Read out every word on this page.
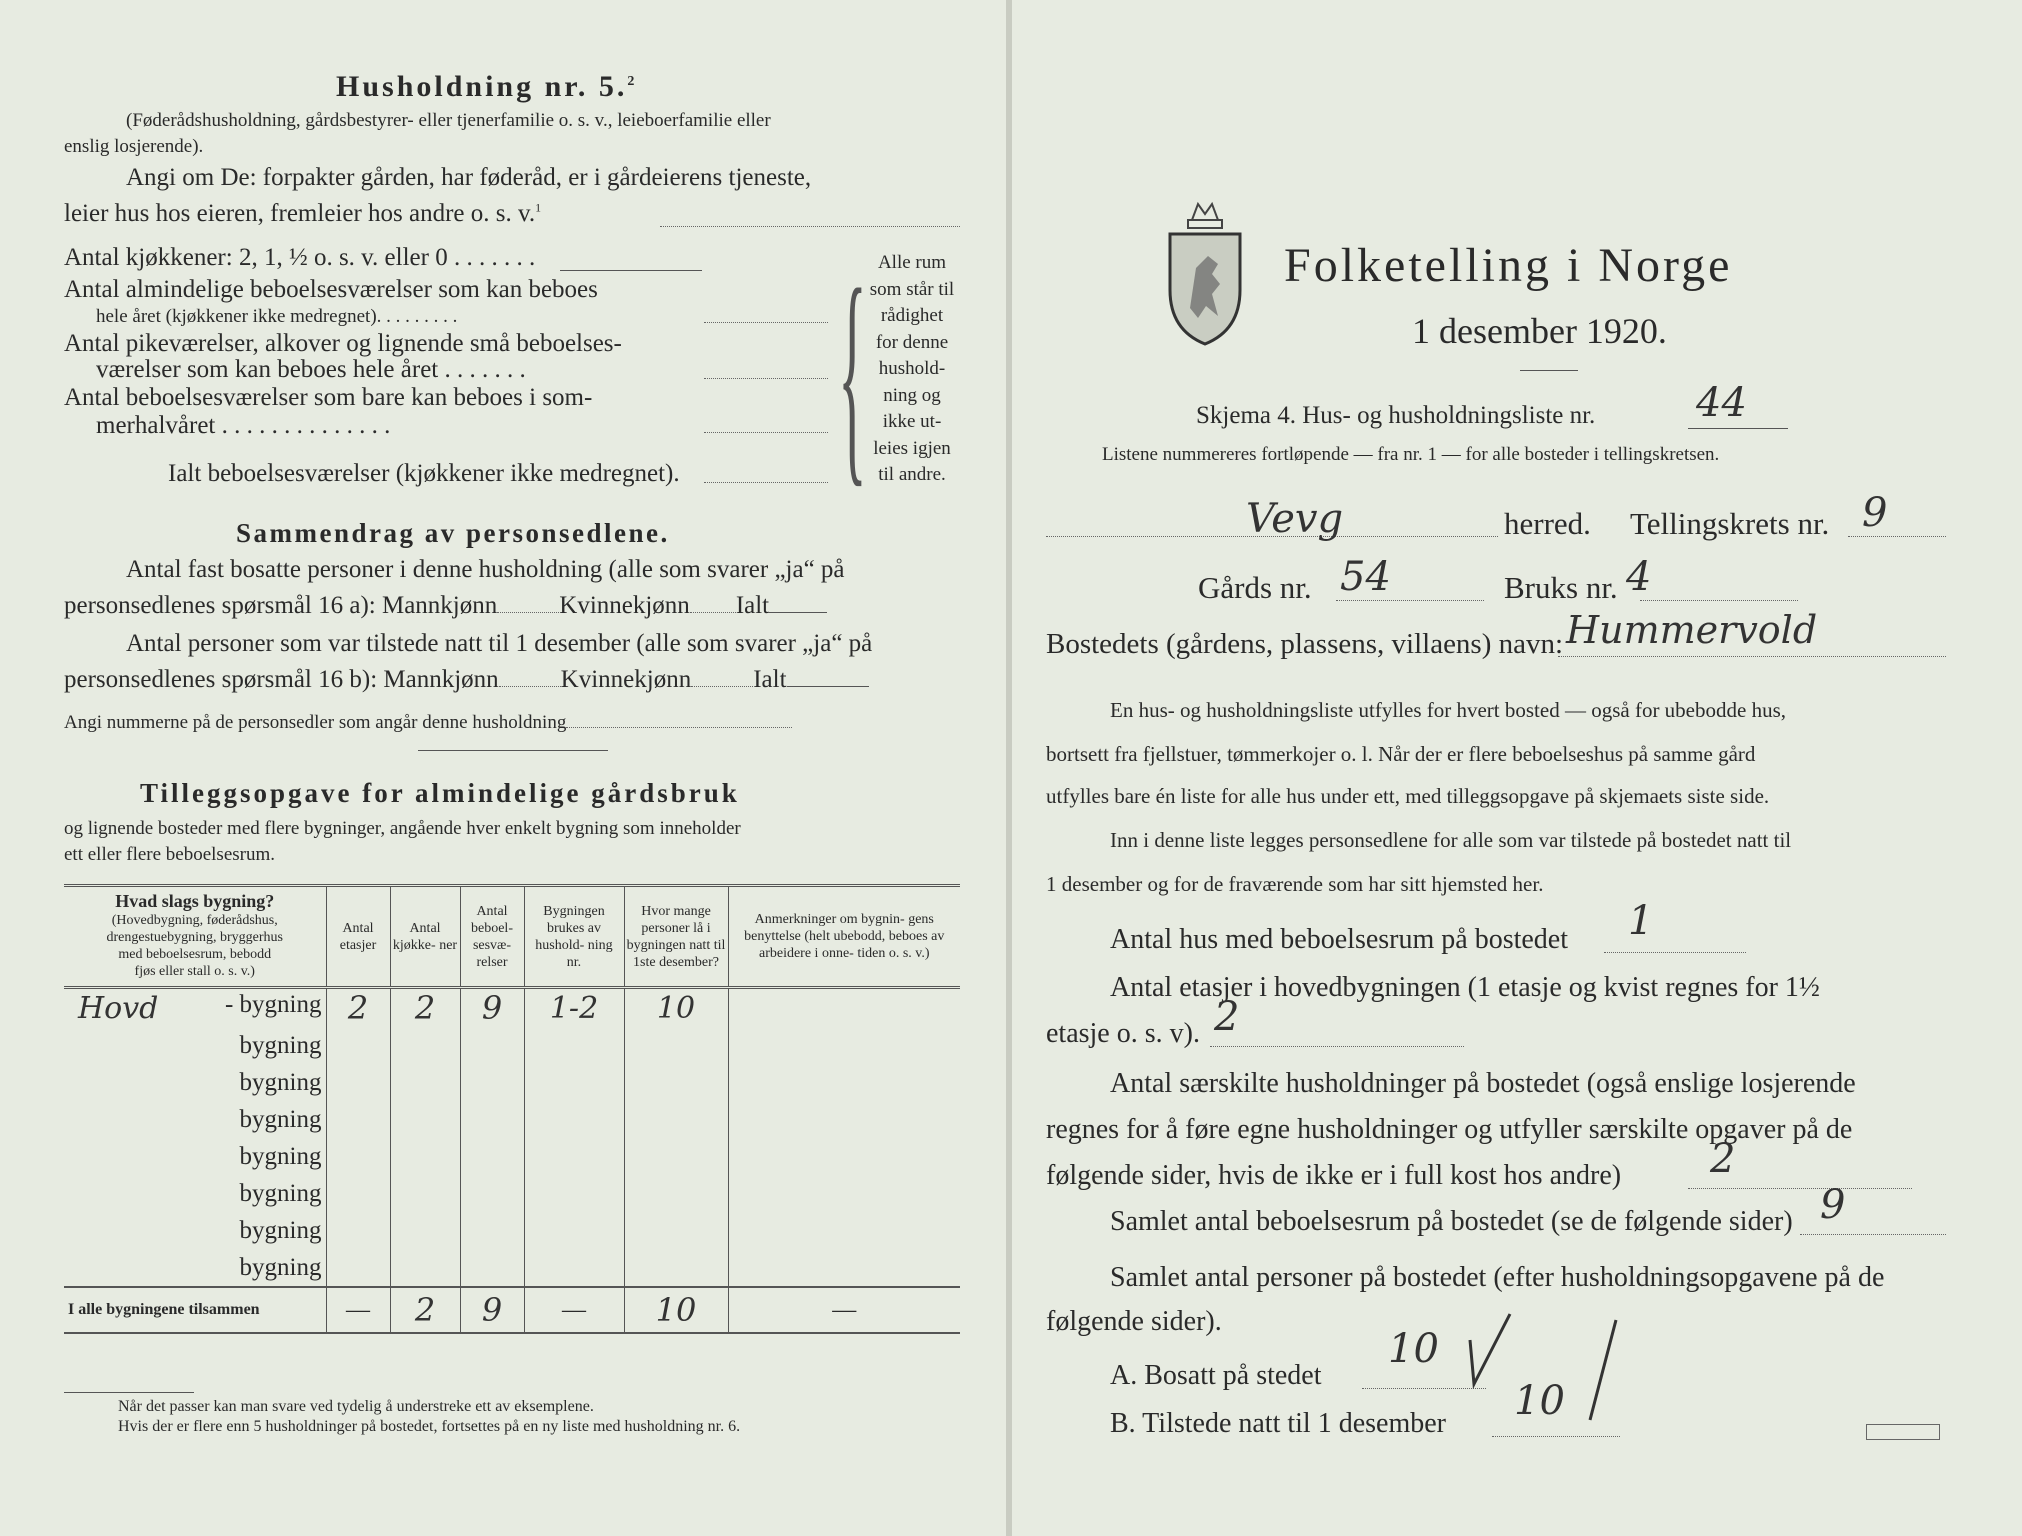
Husholdning nr. 5.$^2$
(Føderådshusholdning, gårdsbestyrer- eller tjenerfamilie o. s. v., leieboerfamilie eller
enslig losjerende).
Angi om De: forpakter gården, har føderåd, er i gårdeierens tjeneste,
leier hus hos eieren, fremleier hos andre o. s. v.$^1$
Antal kjøkkener: 2, 1, ½ o. s. v. eller 0 . . . . . . .
Antal almindelige beboelsesværelser som kan beboes
hele året (kjøkkener ikke medregnet). . . . . . . . .
Antal pikeværelser, alkover og lignende små beboelses-
værelser som kan beboes hele året . . . . . . .
Antal beboelsesværelser som bare kan beboes i som-
merhalvåret . . . . . . . . . . . . . .
Ialt beboelsesværelser (kjøkkener ikke medregnet).	{ Alle rum
som står til
rådighet
for denne
hushold-
ning og
ikke ut-
leies igjen
til andre.
Sammendrag av personsedlene.
Antal fast bosatte personer i denne husholdning (alle som svarer „ja“ på
personsedlenes spørsmål 16 a): Mannkjønn Kvinnekjønn Ialt
Antal personer som var tilstede natt til 1 desember (alle som svarer „ja“ på
personsedlenes spørsmål 16 b): Mannkjønn Kvinnekjønn Ialt
Angi nummerne på de personsedler som angår denne husholdning
Tilleggsopgave for almindelige gårdsbruk
og lignende bosteder med flere bygninger, angående hver enkelt bygning som inneholder
ett eller flere beboelsesrum.
Hvad slags bygning?
(Hovedbygning, føderådshus,
drengestuebygning, bryggerhus
med beboelsesrum, bebodd
fjøs eller stall o. s. v.)	Antal etasjer	Antal kjøkke- ner	Antal beboel- sesvæ- relser	Bygningen brukes av hushold- ning nr.	Hvor mange personer lå i bygningen natt til 1ste desember?	Anmerkninger om bygnin- gens benyttelse (helt ubebodd, beboes av arbeidere i onne- tiden o. s. v.)

Hovd - bygning	2	2	9	1-2	10	
bygning						
bygning						
bygning						
bygning						
bygning						
bygning						
bygning						
I alle bygningene tilsammen	—	2	9	—	10	—
Når det passer kan man svare ved tydelig å understreke ett av eksemplene.
Hvis der er flere enn 5 husholdninger på bostedet, fortsettes på en ny liste med husholdning nr. 6.
Folketelling i Norge
1 desember 1920.
Skjema 4. Hus- og husholdningsliste nr.	44
Listene nummereres fortløpende — fra nr. 1 — for alle bosteder i tellingskretsen.
Vevg	herred. Tellingskrets nr. 9
Gårds nr. 54	Bruks nr. 4
Bostedets (gårdens, plassens, villaens) navn: Hummervold
En hus- og husholdningsliste utfylles for hvert bosted — også for ubebodde hus,
bortsett fra fjellstuer, tømmerkojer o. l. Når der er flere beboelseshus på samme gård
utfylles bare én liste for alle hus under ett, med tilleggsopgave på skjemaets siste side.
Inn i denne liste legges personsedlene for alle som var tilstede på bostedet natt til
1 desember og for de fraværende som har sitt hjemsted her.
Antal hus med beboelsesrum på bostedet 1
Antal etasjer i hovedbygningen (1 etasje og kvist regnes for 1½
etasje o. s. v). 2
Antal særskilte husholdninger på bostedet (også enslige losjerende
regnes for å føre egne husholdninger og utfyller særskilte opgaver på de
følgende sider, hvis de ikke er i full kost hos andre) 2
Samlet antal beboelsesrum på bostedet (se de følgende sider) 9
Samlet antal personer på bostedet (efter husholdningsopgavene på de
følgende sider).
A. Bosatt på stedet
10
B. Tilstede natt til 1 desember 10
